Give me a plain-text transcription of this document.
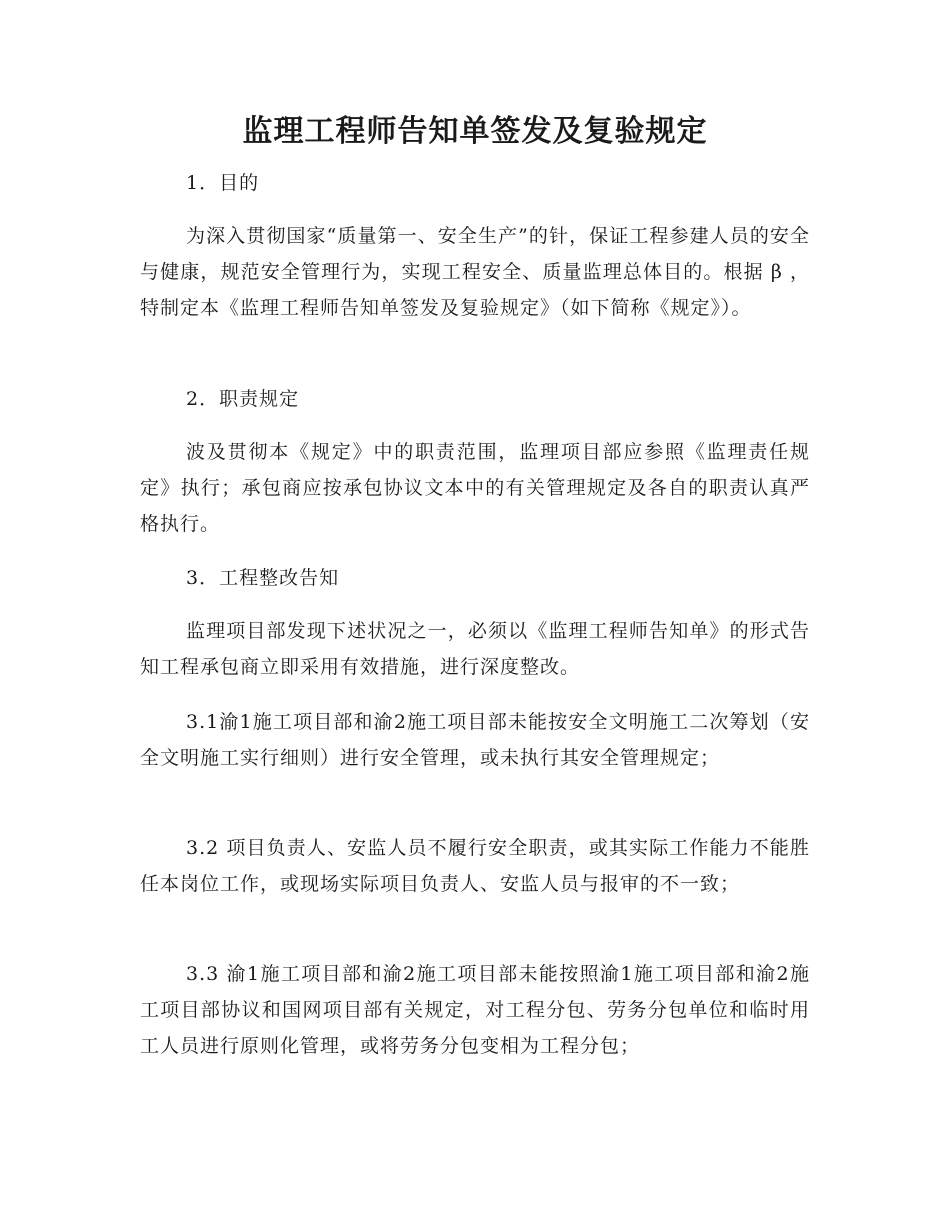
监理工程师告知单签发及复验规定
1．目的
为深入贯彻国家“质量第一、安全生产”的针，保证工程参建人员的安全与健康，规范安全管理行为，实现工程安全、质量监理总体目的。根据 β ，特制定本《监理工程师告知单签发及复验规定》（如下简称《规定》）。
2．职责规定
波及贯彻本《规定》中的职责范围，监理项目部应参照《监理责任规定》执行；承包商应按承包协议文本中的有关管理规定及各自的职责认真严格执行。
3．工程整改告知
监理项目部发现下述状况之一，必须以《监理工程师告知单》的形式告知工程承包商立即采用有效措施，进行深度整改。
3.1渝1施工项目部和渝2施工项目部未能按安全文明施工二次筹划（安全文明施工实行细则）进行安全管理，或未执行其安全管理规定；
3.2 项目负责人、安监人员不履行安全职责，或其实际工作能力不能胜任本岗位工作，或现场实际项目负责人、安监人员与报审的不一致；
3.3 渝1施工项目部和渝2施工项目部未能按照渝1施工项目部和渝2施工项目部协议和国网项目部有关规定，对工程分包、劳务分包单位和临时用工人员进行原则化管理，或将劳务分包变相为工程分包；
